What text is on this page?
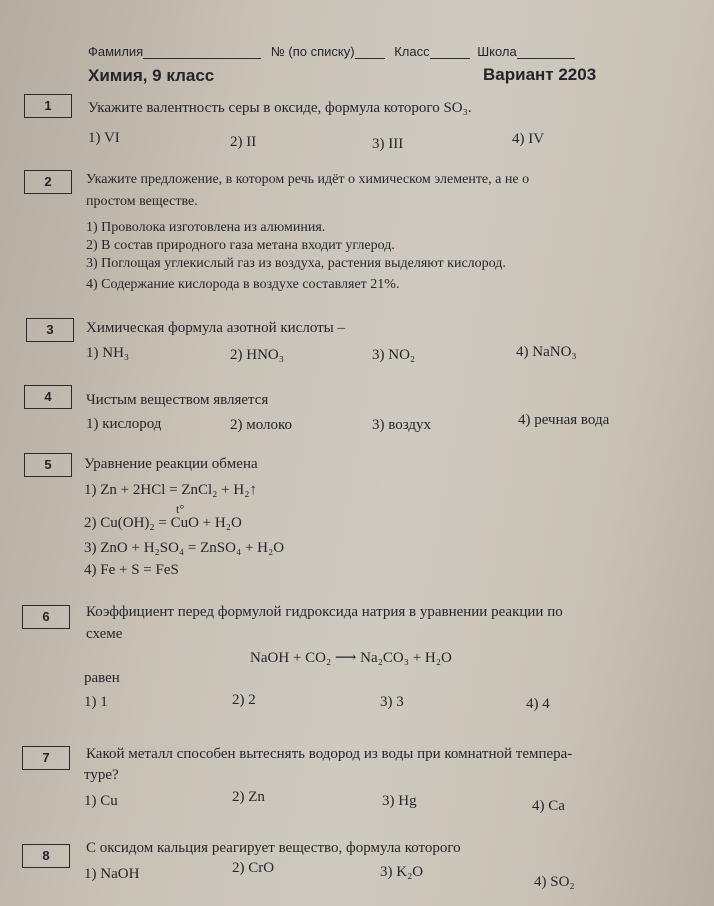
Фамилия	№ (по списку)	Класс	Школа
Химия, 9 класс	Вариант 2203
1	Укажите валентность серы в оксиде, формула которого SO₃.
1) VI	2) II	3) III	4) IV
2	Укажите предложение, в котором речь идёт о химическом элементе, а не о
простом веществе.
1) Проволока изготовлена из алюминия.
2) В состав природного газа метана входит углерод.
3) Поглощая углекислый газ из воздуха, растения выделяют кислород.
4) Содержание кислорода в воздухе составляет 21%.
3	Химическая формула азотной кислоты –
1) NH₃	2) HNO₃	3) NO₂	4) NaNO₃
4	Чистым веществом является
1) кислород	2) молоко	3) воздух	4) речная вода
5	Уравнение реакции обмена
1) Zn + 2HCl = ZnCl₂ + H₂↑
t°
2) Cu(OH)₂ = CuO + H₂O
3) ZnO + H₂SO₄ = ZnSO₄ + H₂O
4) Fe + S = FeS
6	Коэффициент перед формулой гидроксида натрия в уравнении реакции по
схеме
NaOH + CO₂ ⟶ Na₂CO₃ + H₂O
равен
1) 1	2) 2	3) 3	4) 4
7	Какой металл способен вытеснять водород из воды при комнатной темпера-
туре?
1) Cu	2) Zn	3) Hg	4) Ca
8	С оксидом кальция реагирует вещество, формула которого
1) NaOH	2) CrO	3) K₂O
4) SO₂
